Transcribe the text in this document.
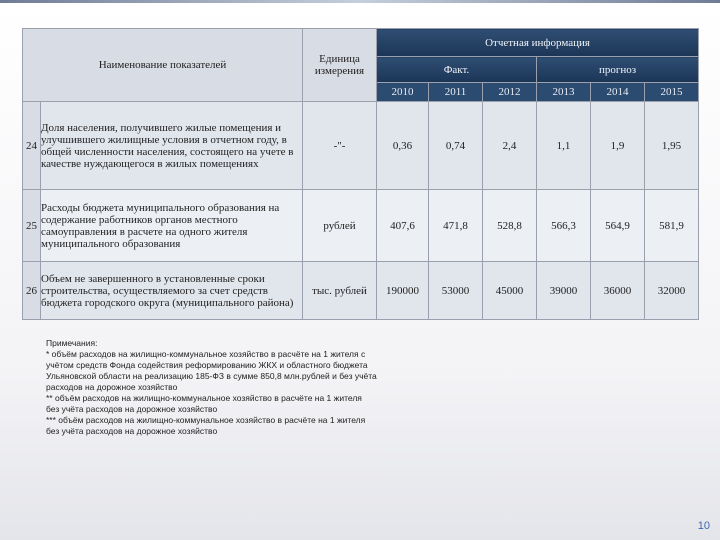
Наименование показателей		Единица измерения	Отчетная информация					
			Факт.			прогноз		
			2010	2011	2012	2013	2014	2015
24	Доля населения, получившего жилые помещения и улучшившего жилищные условия в отчетном году, в общей численности населения, состоящего на учете в качестве нуждающегося в жилых помещениях	-"-	0,36	0,74	2,4	1,1	1,9	1,95
25	Расходы бюджета муниципального образования на содержание работников органов местного самоуправления в расчете на одного жителя муниципального образования	рублей	407,6	471,8	528,8	566,3	564,9	581,9
26	Объем не завершенного в установленные сроки строительства, осуществляемого за счет средств бюджета городского округа (муниципального района)	тыс. рублей	190000	53000	45000	39000	36000	32000
Примечания:
* объём расходов на жилищно-коммунальное хозяйство в расчёте на 1 жителя с
учётом средств Фонда содействия реформированию ЖКХ и областного бюджета
Ульяновской области на реализацию 185-ФЗ в сумме 850,8 млн.рублей и без учёта
расходов на дорожное хозяйство
** объём расходов на жилищно-коммунальное хозяйство в расчёте на 1 жителя
без учёта расходов на дорожное хозяйство
*** объём расходов на жилищно-коммунальное хозяйство в расчёте на 1 жителя
без учёта расходов на дорожное хозяйство
10
